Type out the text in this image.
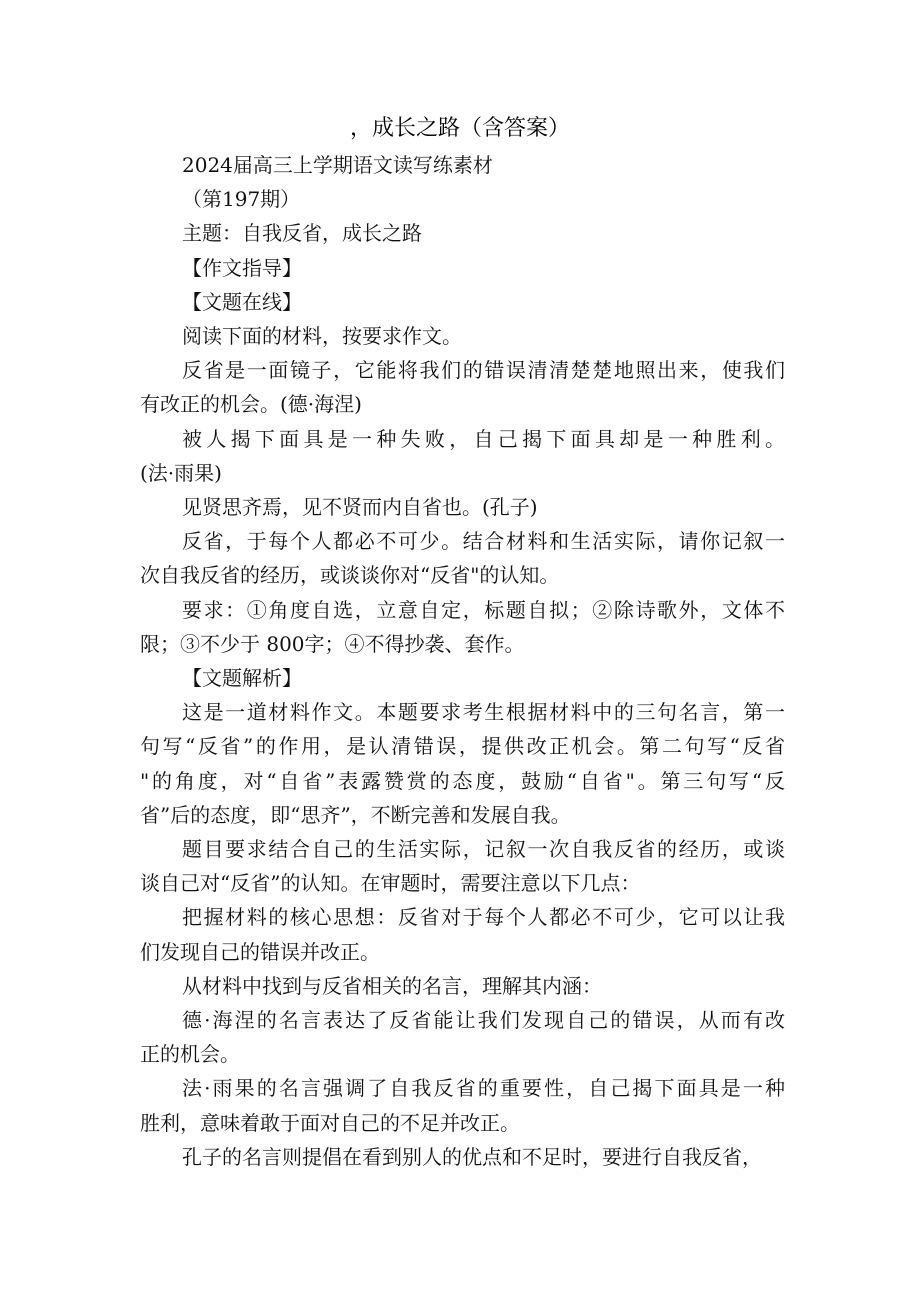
，成长之路（含答案）
2024届高三上学期语文读写练素材
（第197期）
主题：自我反省，成长之路
【作文指导】
【文题在线】
阅读下面的材料，按要求作文。
反省是一面镜子，它能将我们的错误清清楚楚地照出来，使我们
有改正的机会。(德·海涅)
被人揭下面具是一种失败，自己揭下面具却是一种胜利。
(法·雨果)
见贤思齐焉，见不贤而内自省也。(孔子)
反省，于每个人都必不可少。结合材料和生活实际，请你记叙一
次自我反省的经历，或谈谈你对“反省"的认知。
要求：①角度自选，立意自定，标题自拟；②除诗歌外，文体不
限；③不少于 800字；④不得抄袭、套作。
【文题解析】
这是一道材料作文。本题要求考生根据材料中的三句名言，第一
句写“反省”的作用，是认清错误，提供改正机会。第二句写“反省
"的角度，对“自省”表露赞赏的态度，鼓励“自省"。第三句写“反
省”后的态度，即“思齐”，不断完善和发展自我。
题目要求结合自己的生活实际，记叙一次自我反省的经历，或谈
谈自己对“反省”的认知。在审题时，需要注意以下几点：
把握材料的核心思想：反省对于每个人都必不可少，它可以让我
们发现自己的错误并改正。
从材料中找到与反省相关的名言，理解其内涵：
德·海涅的名言表达了反省能让我们发现自己的错误，从而有改
正的机会。
法·雨果的名言强调了自我反省的重要性，自己揭下面具是一种
胜利，意味着敢于面对自己的不足并改正。
孔子的名言则提倡在看到别人的优点和不足时，要进行自我反省，
